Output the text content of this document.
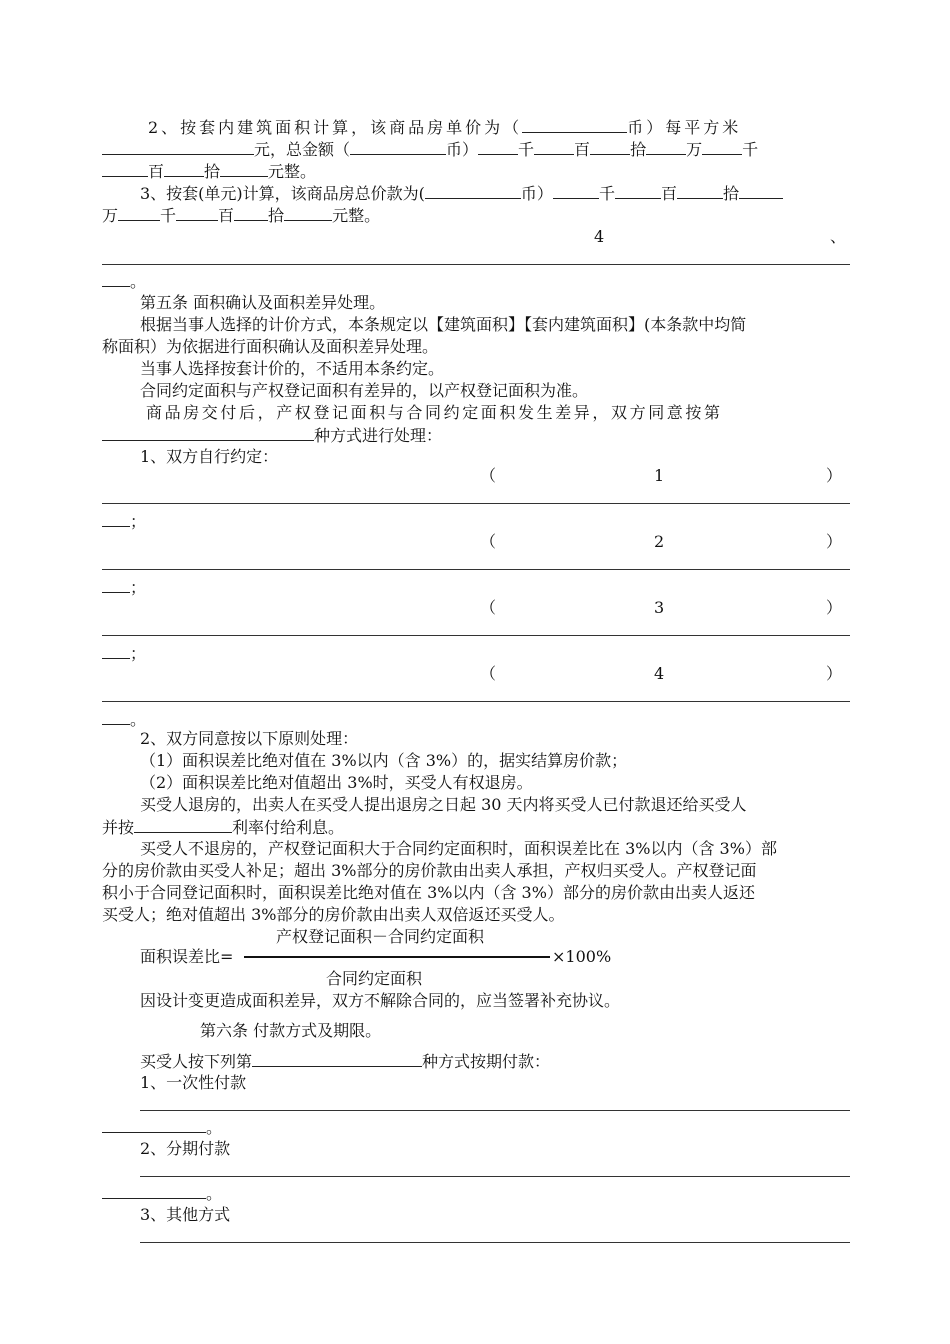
2、按套内建筑面积计算，该商品房单价为（	币）每平方米
元，总金额（	币）	千	百	拾	万	千
百	拾	元整。
3、按套(单元)计算，该商品房总价款为(	币）	千	百	拾
万	千	百 拾	元整。
4	、
。
第五条 面积确认及面积差异处理。
根据当事人选择的计价方式，本条规定以【建筑面积】【套内建筑面积】(本条款中均简
称面积）为依据进行面积确认及面积差异处理。
当事人选择按套计价的，不适用本条约定。
合同约定面积与产权登记面积有差异的，以产权登记面积为准。
商品房交付后，产权登记面积与合同约定面积发生差异，双方同意按第
种方式进行处理：
1、双方自行约定：
（	1	）
；
（	2	）
；
（	3	）
；
（	4	）
。
2、双方同意按以下原则处理：
（1）面积误差比绝对值在 3%以内（含 3%）的，据实结算房价款；
（2）面积误差比绝对值超出 3%时，买受人有权退房。
买受人退房的，出卖人在买受人提出退房之日起 30 天内将买受人已付款退还给买受人
并按	利率付给利息。
买受人不退房的，产权登记面积大于合同约定面积时，面积误差比在 3%以内（含 3%）部
分的房价款由买受人补足；超出 3%部分的房价款由出卖人承担，产权归买受人。产权登记面
积小于合同登记面积时，面积误差比绝对值在 3%以内（含 3%）部分的房价款由出卖人返还
买受人；绝对值超出 3%部分的房价款由出卖人双倍返还买受人。
产权登记面积－合同约定面积
面积误差比=	×100%
合同约定面积
因设计变更造成面积差异，双方不解除合同的，应当签署补充协议。
第六条 付款方式及期限。
买受人按下列第	种方式按期付款：
1、一次性付款
。
2、分期付款
。
3、其他方式
